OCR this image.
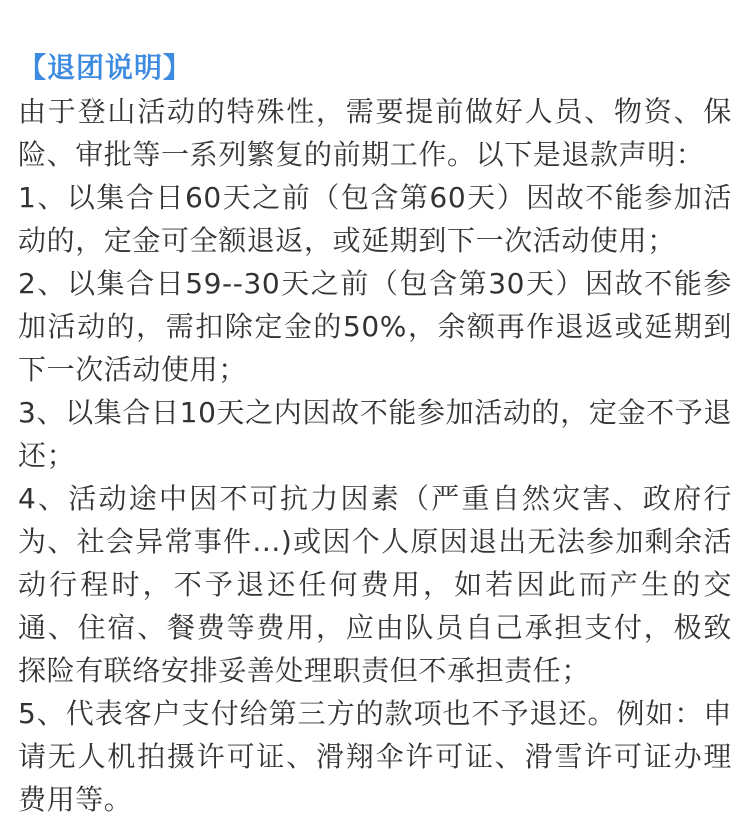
【退团说明】

由于登山活动的特殊性，需要提前做好人员、物资、保险、审批等一系列繁复的前期工作。以下是退款声明：

1、以集合日60天之前（包含第60天）因故不能参加活动的，定金可全额退返，或延期到下一次活动使用；

2、以集合日59--30天之前（包含第30天）因故不能参加活动的，需扣除定金的50%，余额再作退返或延期到下一次活动使用；

3、以集合日10天之内因故不能参加活动的，定金不予退还；

4、活动途中因不可抗力因素（严重自然灾害、政府行为、社会异常事件...)或因个人原因退出无法参加剩余活动行程时，不予退还任何费用，如若因此而产生的交通、住宿、餐费等费用，应由队员自己承担支付，极致探险有联络安排妥善处理职责但不承担责任；

5、代表客户支付给第三方的款项也不予退还。例如：申请无人机拍摄许可证、滑翔伞许可证、滑雪许可证办理费用等。
